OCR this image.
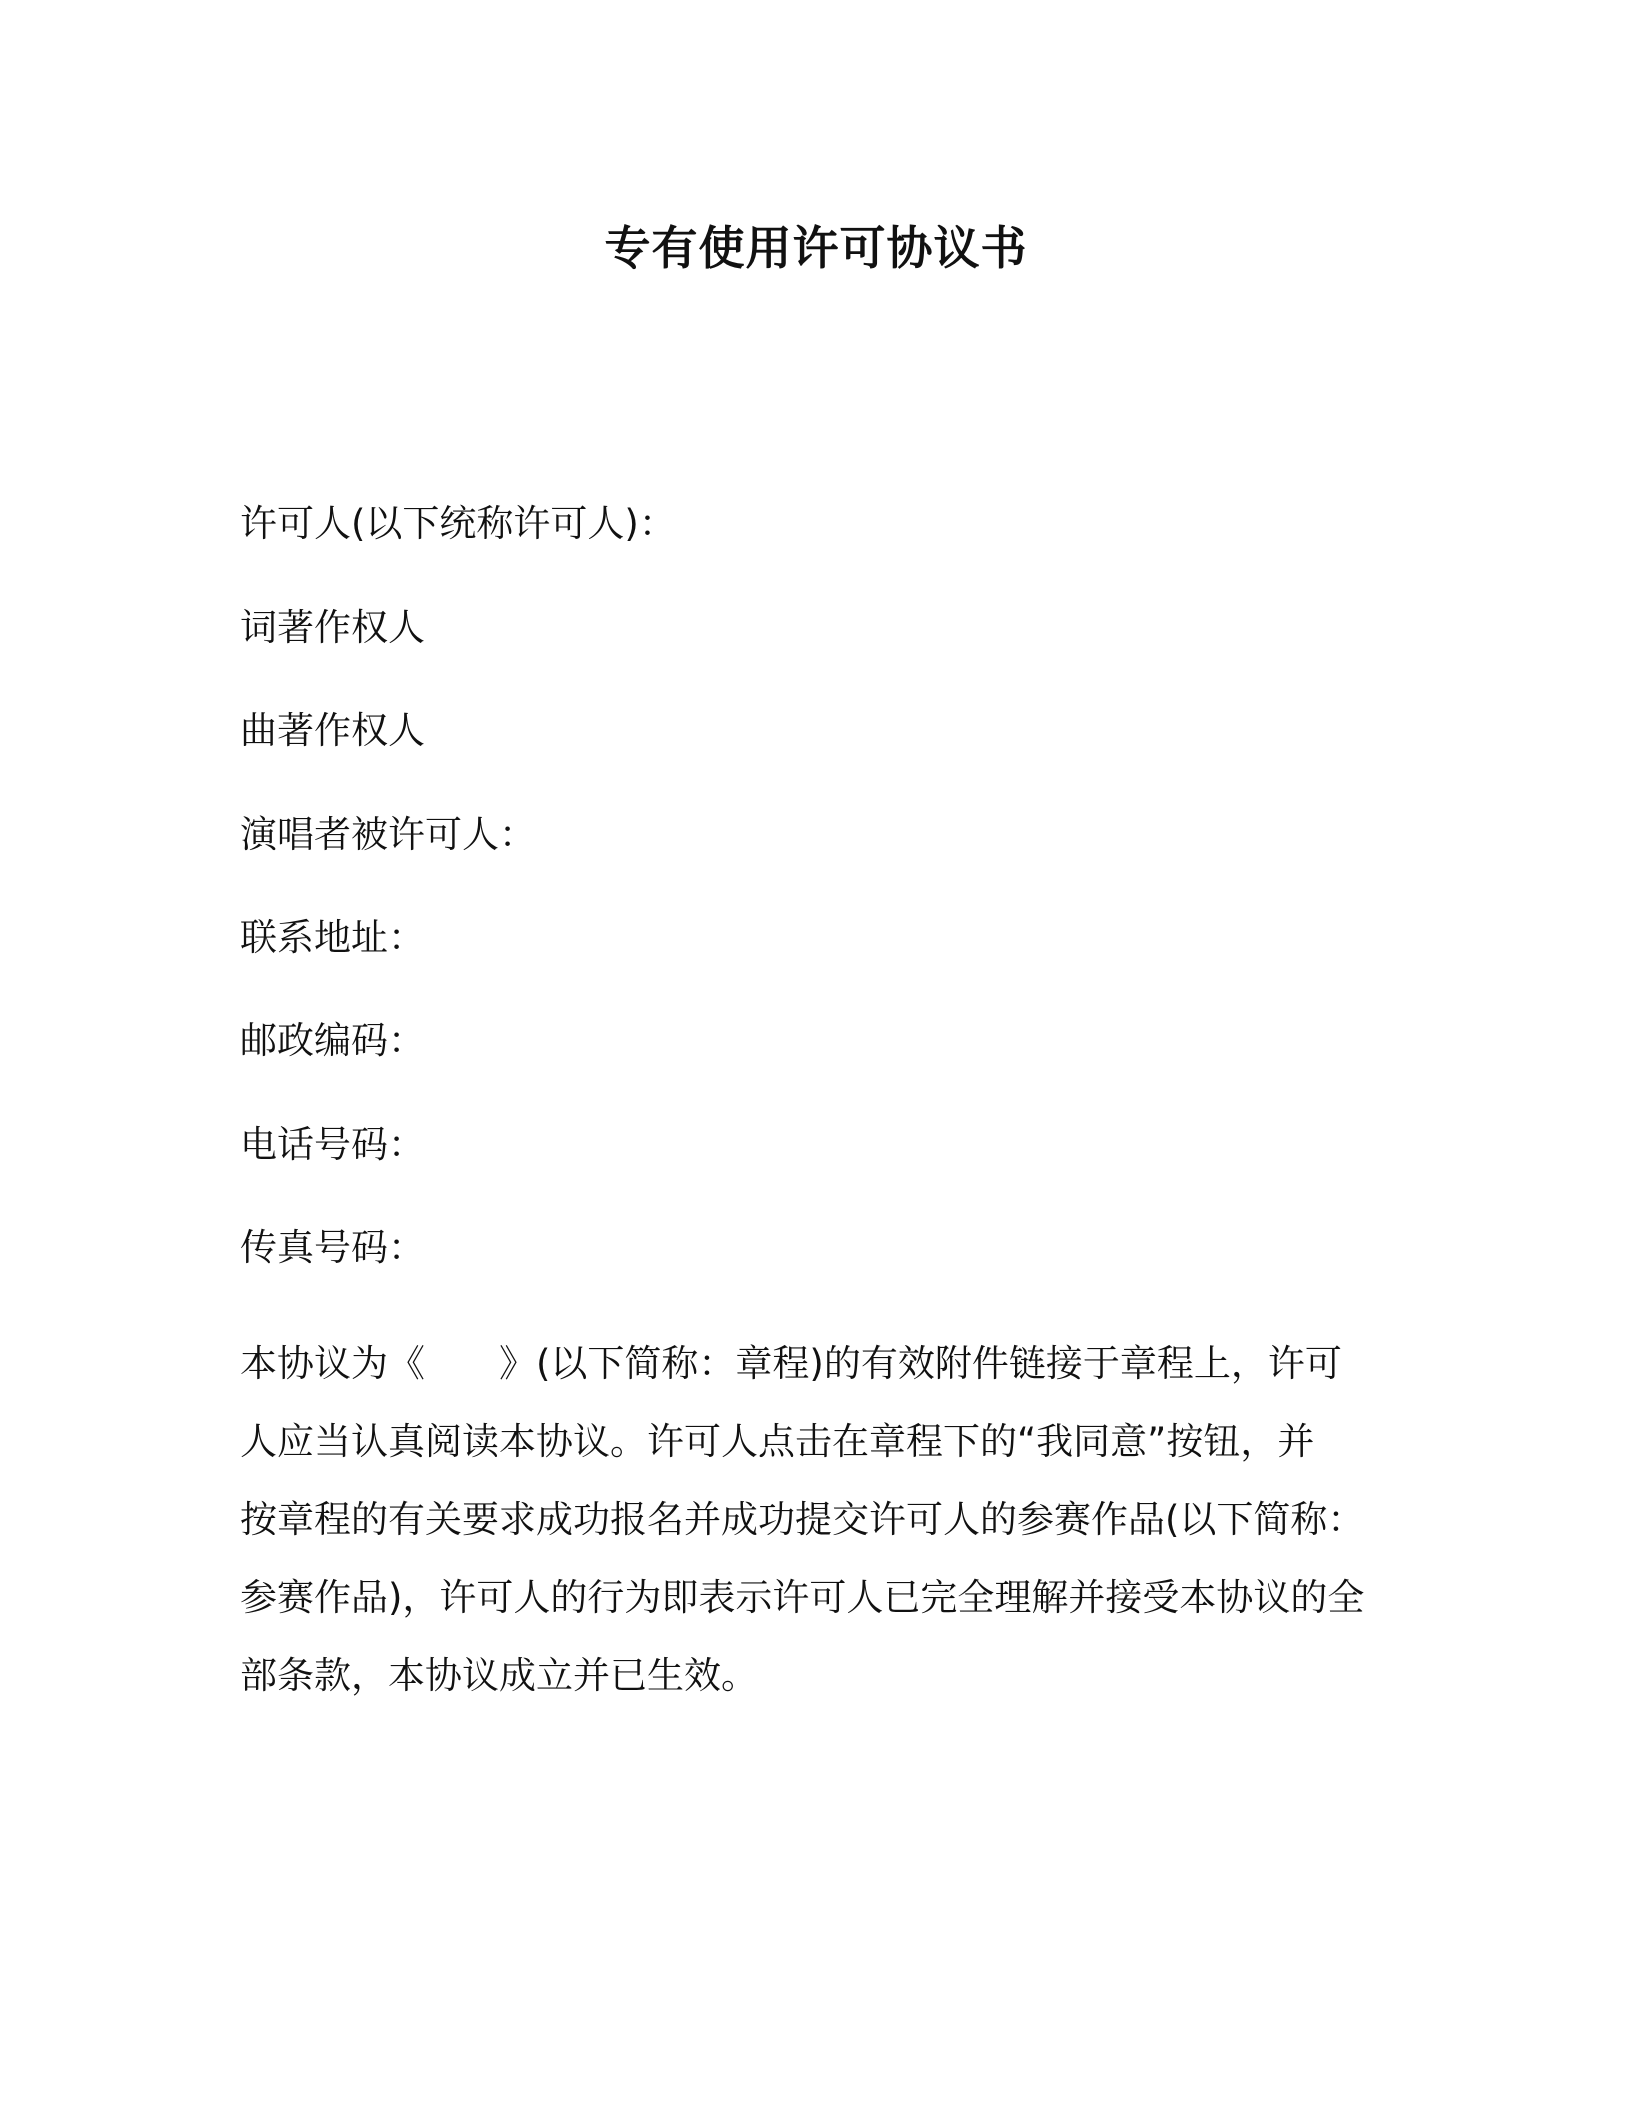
专有使用许可协议书
许可人(以下统称许可人)：
词著作权人
曲著作权人
演唱者被许可人：
联系地址：
邮政编码：
电话号码：
传真号码：
本协议为《　　》(以下简称：章程)的有效附件链接于章程上，许可
人应当认真阅读本协议。许可人点击在章程下的“我同意”按钮，并
按章程的有关要求成功报名并成功提交许可人的参赛作品(以下简称：
参赛作品)，许可人的行为即表示许可人已完全理解并接受本协议的全
部条款，本协议成立并已生效。
